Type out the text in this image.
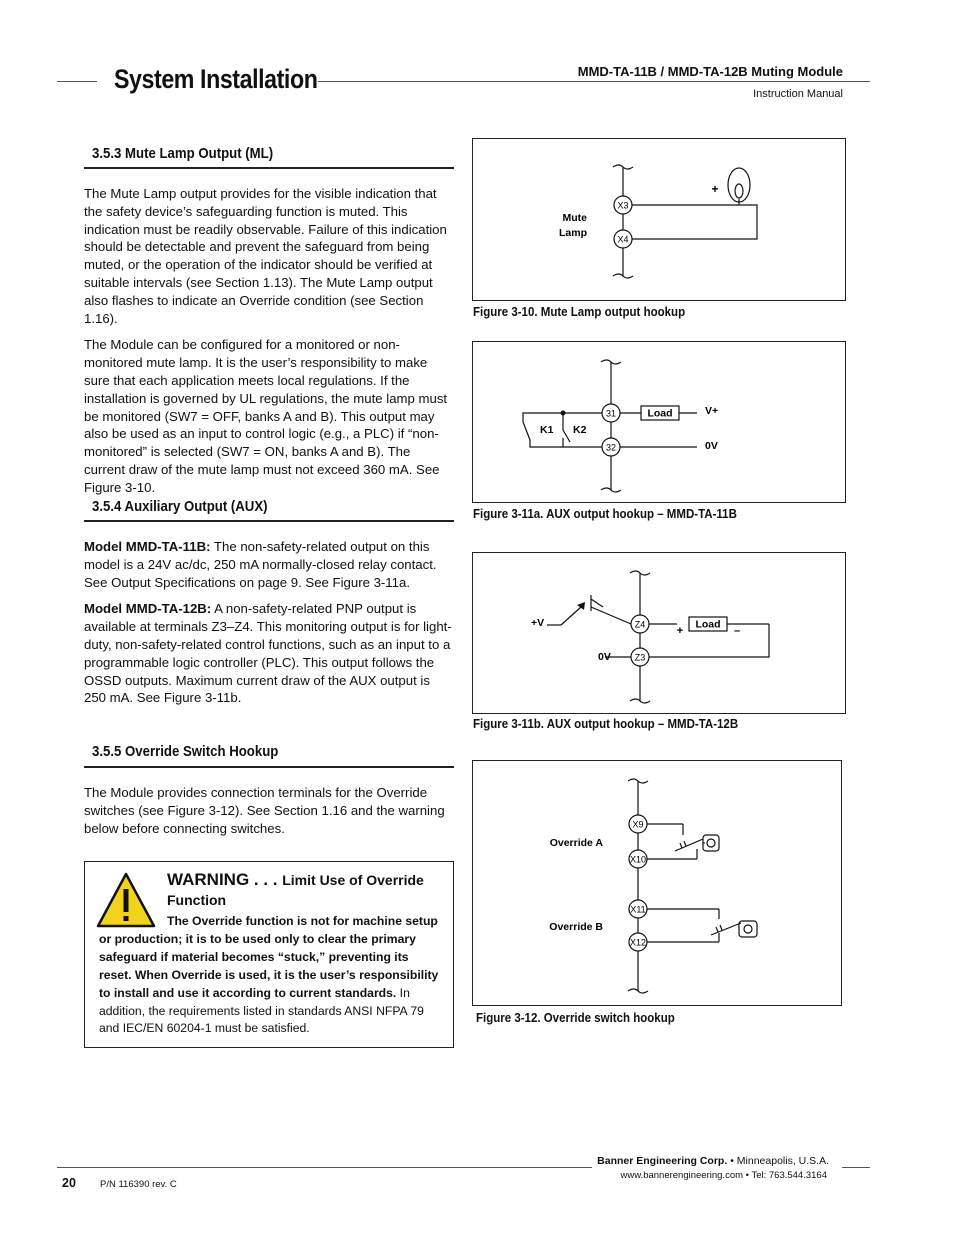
System Installation	MMD-TA-11B / MMD-TA-12B Muting Module
Instruction Manual
3.5.3 Mute Lamp Output (ML)

The Mute Lamp output provides for the visible indication that the safety device’s safeguarding function is muted. This indication must be readily observable. Failure of this indication should be detectable and prevent the safeguard from being muted, or the operation of the indicator should be verified at suitable intervals (see Section 1.13). The Mute Lamp output also flashes to indicate an Override condition (see Section 1.16).

The Module can be configured for a monitored or non-monitored mute lamp. It is the user’s responsibility to make sure that each application meets local regulations. If the installation is governed by UL regulations, the mute lamp must be monitored (SW7 = OFF, banks A and B). This output may also be used as an input to control logic (e.g., a PLC) if “non-monitored” is selected (SW7 = ON, banks A and B). The current draw of the mute lamp must not exceed 360 mA. See Figure 3-10.

3.5.4 Auxiliary Output (AUX)

Model MMD-TA-11B: The non-safety-related output on this model is a 24V ac/dc, 250 mA normally-closed relay contact. See Output Specifications on page 9. See Figure 3-11a.

Model MMD-TA-12B: A non-safety-related PNP output is available at terminals Z3–Z4. This monitoring output is for light-duty, non-safety-related control functions, such as an input to a programmable logic controller (PLC). This output follows the OSSD outputs. Maximum current draw of the AUX output is 250 mA. See Figure 3-11b.

3.5.5 Override Switch Hookup

The Module provides connection terminals for the Override switches (see Figure 3-12). See Section 1.16 and the warning below before connecting switches.

WARNING . . . Limit Use of Override
Function
The Override function is not for machine setup or production; it is to be used only to clear the primary safeguard if material becomes “stuck,” preventing its reset. When Override is used, it is the user’s responsibility to install and use it according to current standards. In addition, the requirements listed in standards ANSI NFPA 79 and IEC/EN 60204-1 must be satisfied.
X3
X4
Mute
Lamp
+
Figure 3-10. Mute Lamp output hookup
Load
31
32
V+
0V
K1 K2
Figure 3-11a. AUX output hookup – MMD-TA-11B
Load
Z4
Z3
+V
0V
+	–
Figure 3-11b. AUX output hookup – MMD-TA-12B
X9
X10
X11
X12
Override A
Override B
Figure 3-12. Override switch hookup
20	P/N 116390 rev. C
Banner Engineering Corp. • Minneapolis, U.S.A.
www.bannerengineering.com • Tel: 763.544.3164
